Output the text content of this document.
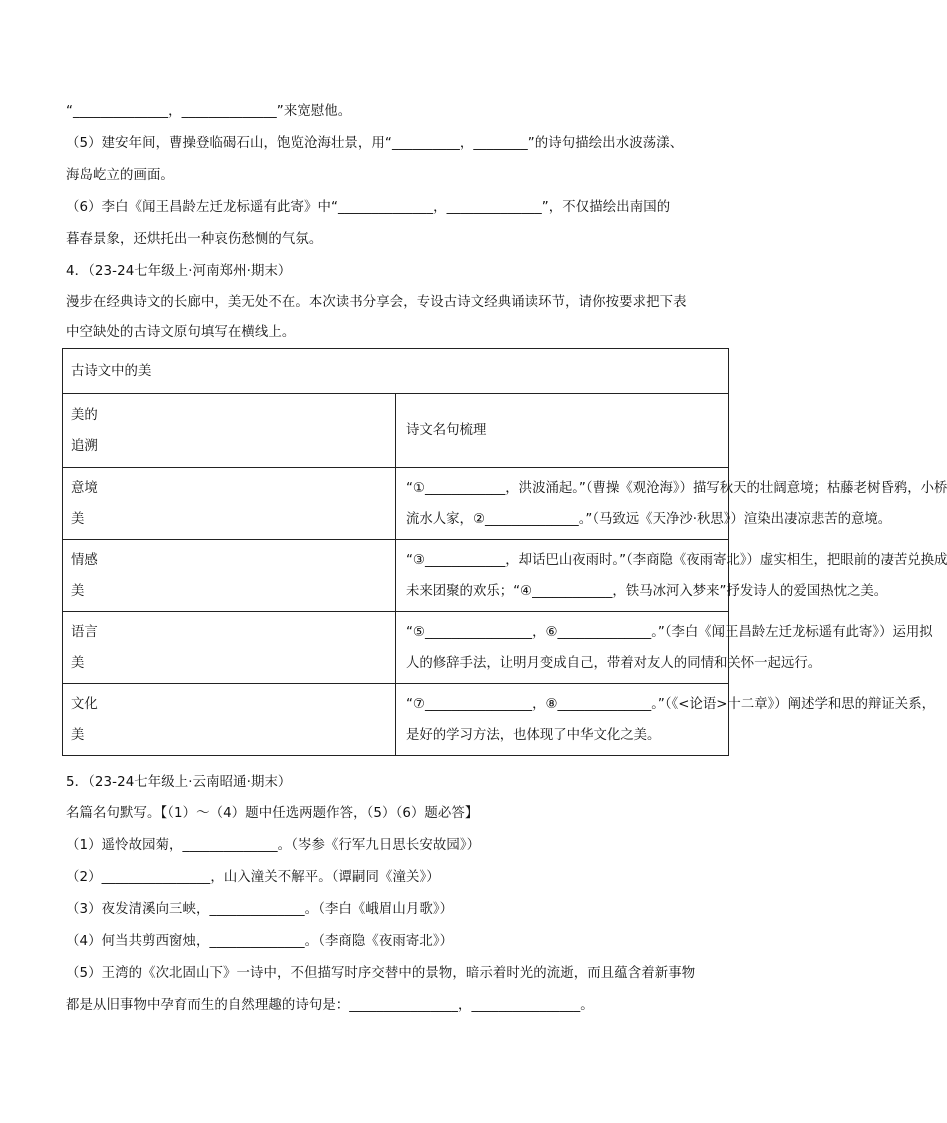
“______________，______________”来宽慰他。
（5）建安年间，曹操登临碣石山，饱览沧海壮景，用“__________，________”的诗句描绘出水波荡漾、
海岛屹立的画面。
（6）李白《闻王昌龄左迁龙标遥有此寄》中“______________，______________”，不仅描绘出南国的
暮春景象，还烘托出一种哀伤愁恻的气氛。
4．（23-24七年级上·河南郑州·期末）
漫步在经典诗文的长廊中，美无处不在。本次读书分享会，专设古诗文经典诵读环节，请你按要求把下表
中空缺处的古诗文原句填写在横线上。
古诗文中的美	

美的
追溯	诗文名句梳理

意境
美	“①____________，洪波涌起。”（曹操《观沧海》）描写秋天的壮阔意境；枯藤老树昏鸦，小桥
流水人家，②______________。”（马致远《天净沙·秋思》）渲染出凄凉悲苦的意境。

情感
美	“③____________，却话巴山夜雨时。”（李商隐《夜雨寄北》）虚实相生，把眼前的凄苦兑换成
未来团聚的欢乐；“④____________，铁马冰河入梦来”抒发诗人的爱国热忱之美。

语言
美	“⑤________________，⑥______________。”（李白《闻王昌龄左迁龙标遥有此寄》）运用拟
人的修辞手法，让明月变成自己，带着对友人的同情和关怀一起远行。

文化
美	“⑦________________，⑧______________。”（《<论语>十二章》）阐述学和思的辩证关系，
是好的学习方法，也体现了中华文化之美。
5．（23-24七年级上·云南昭通·期末）
名篇名句默写。【（1）～（4）题中任选两题作答，（5）（6）题必答】
（1）遥怜故园菊，______________。（岑参《行军九日思长安故园》）
（2）________________，山入潼关不解平。（谭嗣同《潼关》）
（3）夜发清溪向三峡，______________。（李白《峨眉山月歌》）
（4）何当共剪西窗烛，______________。（李商隐《夜雨寄北》）
（5）王湾的《次北固山下》一诗中，不但描写时序交替中的景物，暗示着时光的流逝，而且蕴含着新事物
都是从旧事物中孕育而生的自然理趣的诗句是：________________，________________。
